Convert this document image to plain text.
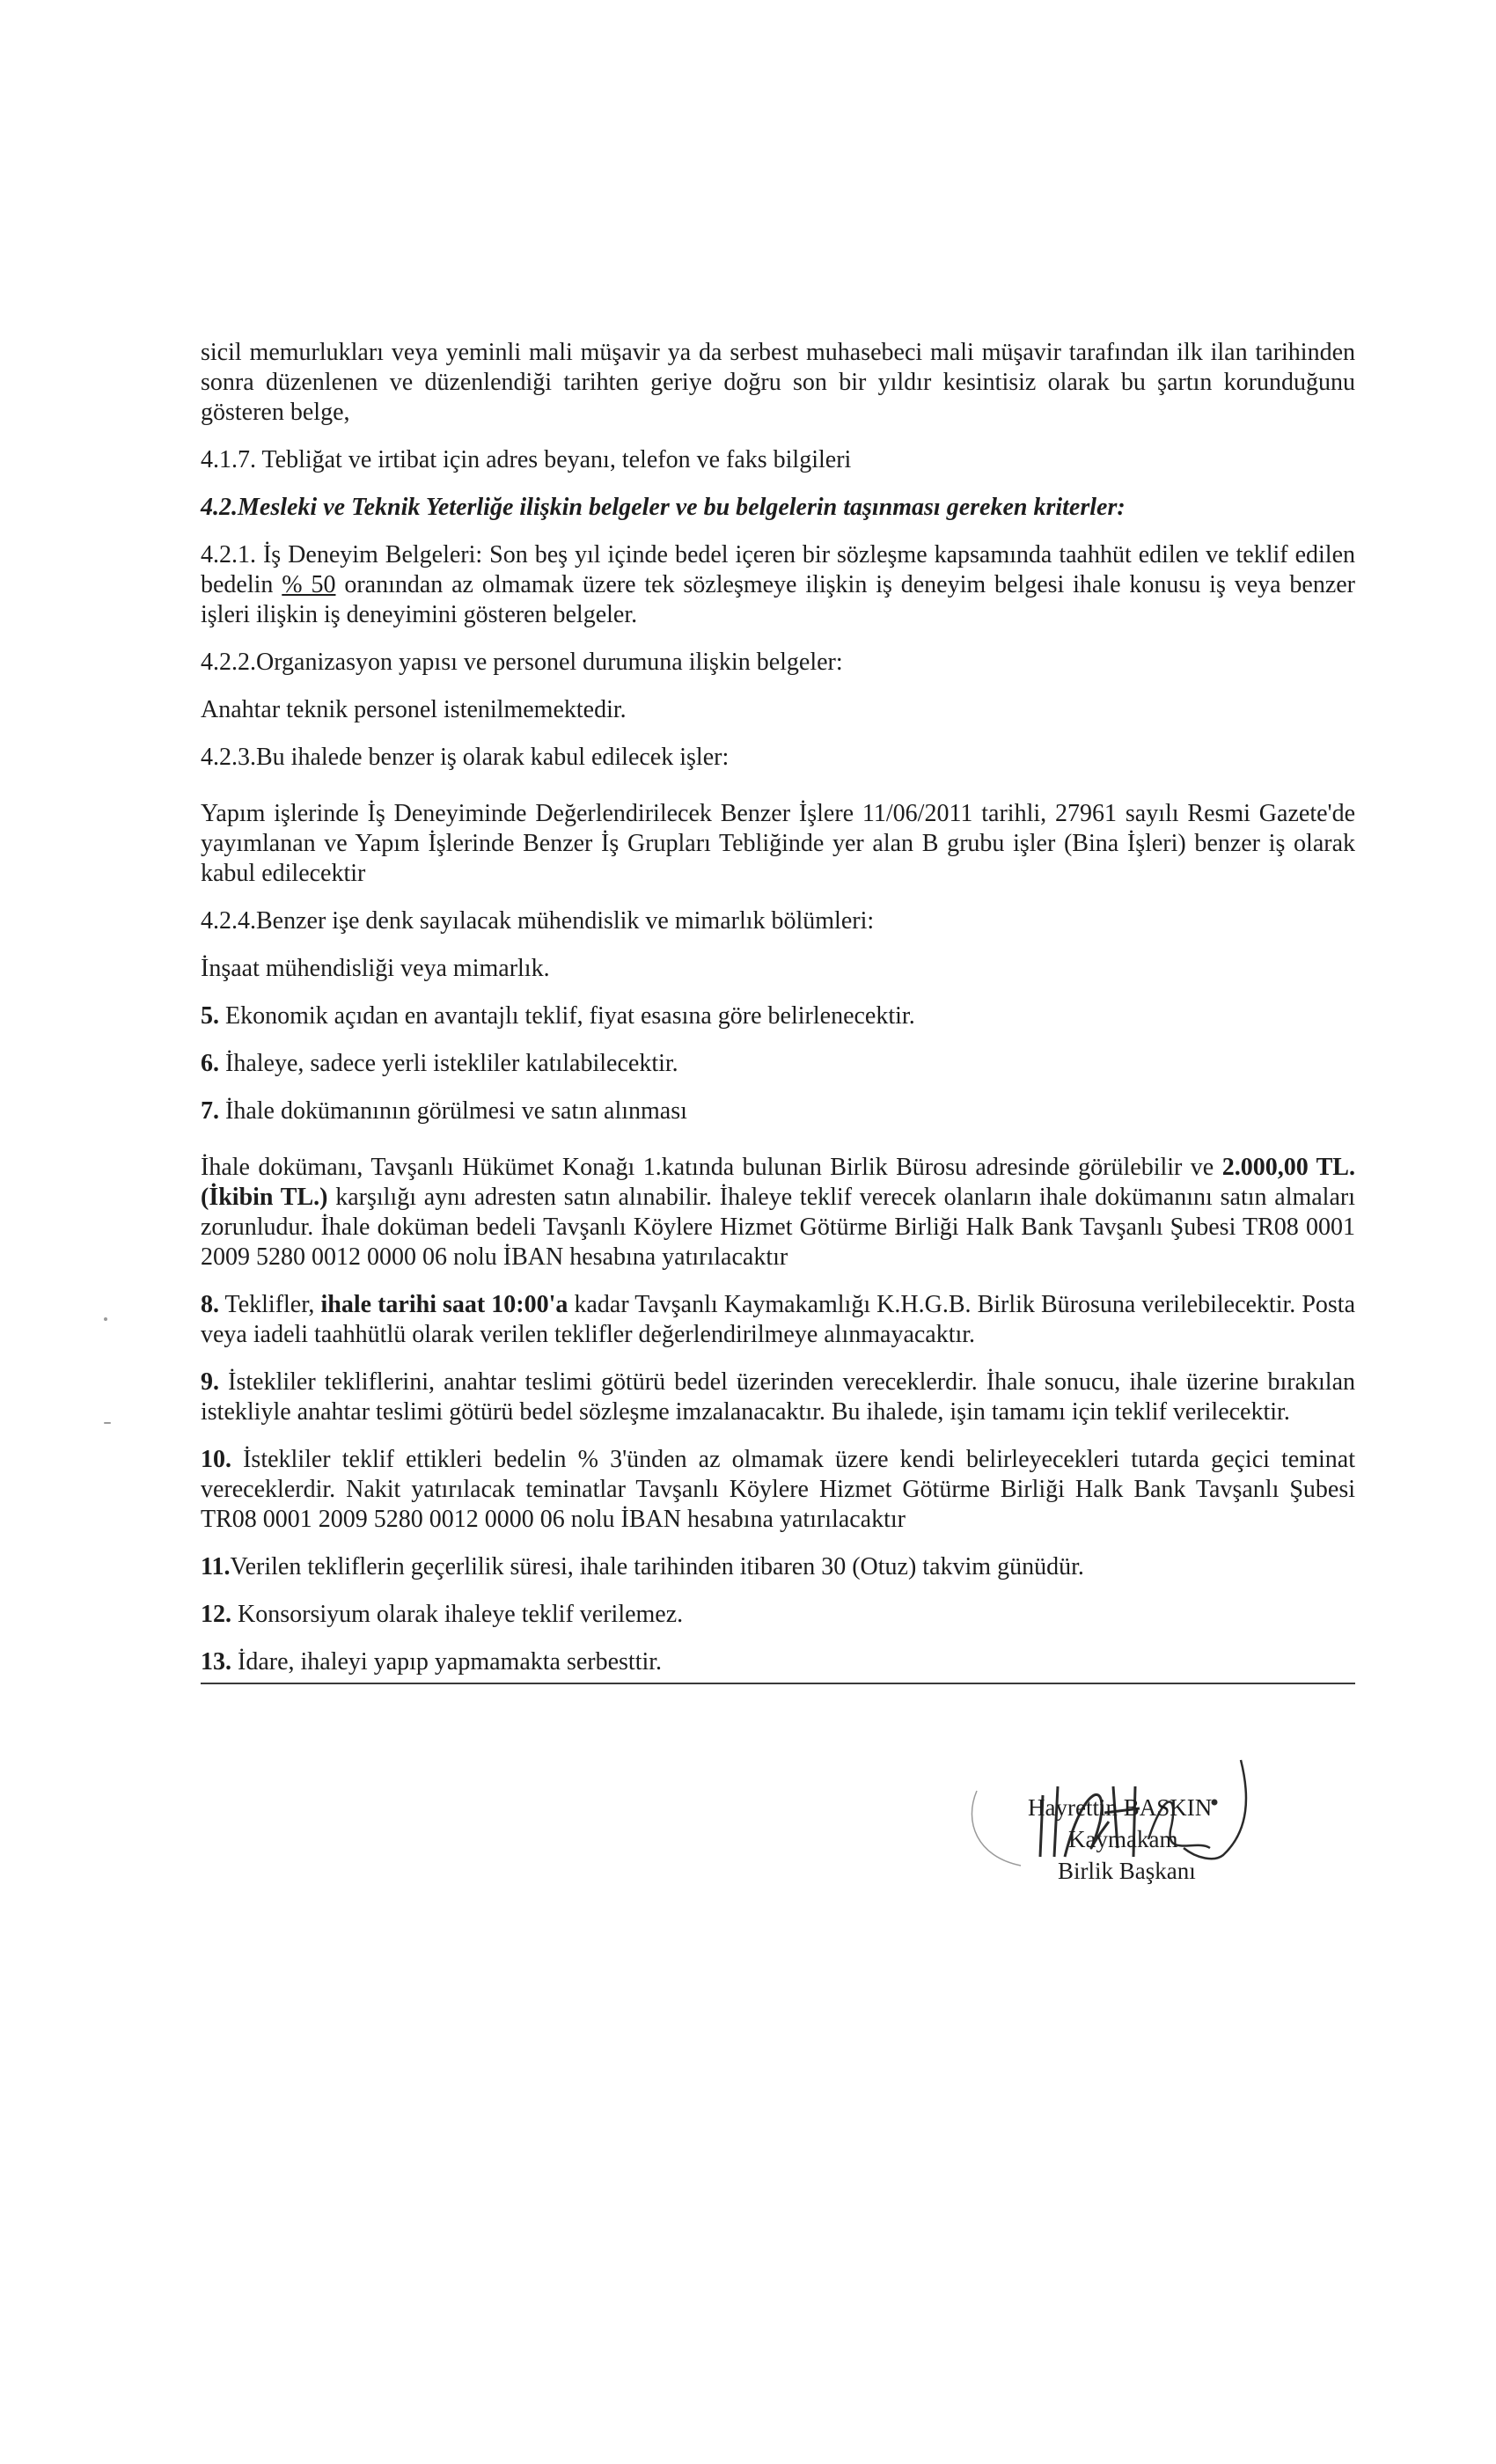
sicil memurlukları veya yeminli mali müşavir ya da serbest muhasebeci mali müşavir tarafından ilk ilan tarihinden sonra düzenlenen ve düzenlendiği tarihten geriye doğru son bir yıldır kesintisiz olarak bu şartın korunduğunu gösteren belge,

4.1.7. Tebliğat ve irtibat için adres beyanı, telefon ve faks bilgileri

4.2.Mesleki ve Teknik Yeterliğe ilişkin belgeler ve bu belgelerin taşınması gereken kriterler:

4.2.1. İş Deneyim Belgeleri: Son beş yıl içinde bedel içeren bir sözleşme kapsamında taahhüt edilen ve teklif edilen bedelin % 50 oranından az olmamak üzere tek sözleşmeye ilişkin iş deneyim belgesi ihale konusu iş veya benzer işleri ilişkin iş deneyimini gösteren belgeler.

4.2.2.Organizasyon yapısı ve personel durumuna ilişkin belgeler:

Anahtar teknik personel istenilmemektedir.

4.2.3.Bu ihalede benzer iş olarak kabul edilecek işler:

Yapım işlerinde İş Deneyiminde Değerlendirilecek Benzer İşlere 11/06/2011 tarihli, 27961 sayılı Resmi Gazete'de yayımlanan ve Yapım İşlerinde Benzer İş Grupları Tebliğinde yer alan B grubu işler (Bina İşleri) benzer iş olarak kabul edilecektir

4.2.4.Benzer işe denk sayılacak mühendislik ve mimarlık bölümleri:

İnşaat mühendisliği veya mimarlık.

5. Ekonomik açıdan en avantajlı teklif, fiyat esasına göre belirlenecektir.

6. İhaleye, sadece yerli istekliler katılabilecektir.

7. İhale dokümanının görülmesi ve satın alınması

İhale dokümanı, Tavşanlı Hükümet Konağı 1.katında bulunan Birlik Bürosu adresinde görülebilir ve 2.000,00 TL. (İkibin TL.) karşılığı aynı adresten satın alınabilir. İhaleye teklif verecek olanların ihale dokümanını satın almaları zorunludur. İhale doküman bedeli Tavşanlı Köylere Hizmet Götürme Birliği Halk Bank Tavşanlı Şubesi TR08 0001 2009 5280 0012 0000 06 nolu İBAN hesabına yatırılacaktır

8. Teklifler, ihale tarihi saat 10:00'a kadar Tavşanlı Kaymakamlığı K.H.G.B. Birlik Bürosuna verilebilecektir. Posta veya iadeli taahhütlü olarak verilen teklifler değerlendirilmeye alınmayacaktır.

9. İstekliler tekliflerini, anahtar teslimi götürü bedel üzerinden vereceklerdir. İhale sonucu, ihale üzerine bırakılan istekliyle anahtar teslimi götürü bedel sözleşme imzalanacaktır. Bu ihalede, işin tamamı için teklif verilecektir.

10. İstekliler teklif ettikleri bedelin % 3'ünden az olmamak üzere kendi belirleyecekleri tutarda geçici teminat vereceklerdir. Nakit yatırılacak teminatlar Tavşanlı Köylere Hizmet Götürme Birliği Halk Bank Tavşanlı Şubesi TR08 0001 2009 5280 0012 0000 06 nolu İBAN hesabına yatırılacaktır

11.Verilen tekliflerin geçerlilik süresi, ihale tarihinden itibaren 30 (Otuz) takvim günüdür.

12. Konsorsiyum olarak ihaleye teklif verilemez.

13. İdare, ihaleyi yapıp yapmamakta serbesttir.

Hayrettin BASKIN
Kaymakam
Birlik Başkanı
